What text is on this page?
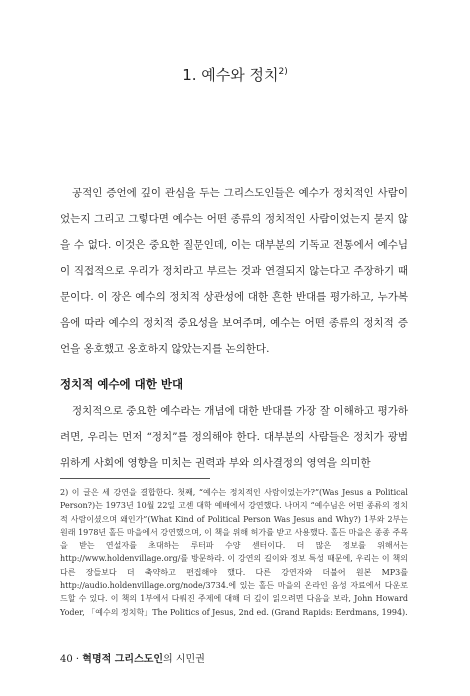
1. 예수와 정치$^{2)}$

공적인 증언에 깊이 관심을 두는 그리스도인들은 예수가 정치적인 사람이었는지 그리고 그렇다면 예수는 어떤 종류의 정치적인 사람이었는지 묻지 않을 수 없다. 이것은 중요한 질문인데, 이는 대부분의 기독교 전통에서 예수님이 직접적으로 우리가 정치라고 부르는 것과 연결되지 않는다고 주장하기 때문이다. 이 장은 예수의 정치적 상관성에 대한 흔한 반대를 평가하고, 누가복음에 따라 예수의 정치적 중요성을 보여주며, 예수는 어떤 종류의 정치적 증언을 옹호했고 옹호하지 않았는지를 논의한다.

정치적 예수에 대한 반대

정치적으로 중요한 예수라는 개념에 대한 반대를 가장 잘 이해하고 평가하려면, 우리는 먼저 “정치”를 정의해야 한다. 대부분의 사람들은 정치가 광범위하게 사회에 영향을 미치는 권력과 부와 의사결정의 영역을 의미한

2) 이 글은 세 강연을 결합한다. 첫째, “예수는 정치적인 사람이었는가?”(Was Jesus a Political Person?)는 1973년 10월 22일 고센 대학 예배에서 강연했다. 나머지 “예수님은 어떤 종류의 정치적 사람이셨으며 왜인가”(What Kind of Political Person Was Jesus and Why?) 1부와 2부는 원래 1978년 홀든 마을에서 강연했으며, 이 책을 위해 허가를 받고 사용했다. 홀든 마을은 종종 주목을 받는 연설자를 초대하는 루터파 수양 센터이다. 더 많은 정보를 위해서는 http://www.holdenvillage.org/를 방문하라. 이 강연의 길이와 정보 특성 때문에, 우리는 이 책의 다른 장들보다 더 축약하고 편집해야 했다. 다른 강연자와 더불어 원본 MP3를 http://audio.holdenvillage.org/node/3734.에 있는 홀든 마을의 온라인 음성 자료에서 다운로드할 수 있다. 이 책의 1부에서 다뤄진 주제에 대해 더 깊이 읽으려면 다음을 보라, John Howard Yoder, 「예수의 정치학」The Politics of Jesus, 2nd ed. (Grand Rapids: Eerdmans, 1994).
40 · 혁명적 그리스도인의 시민권
